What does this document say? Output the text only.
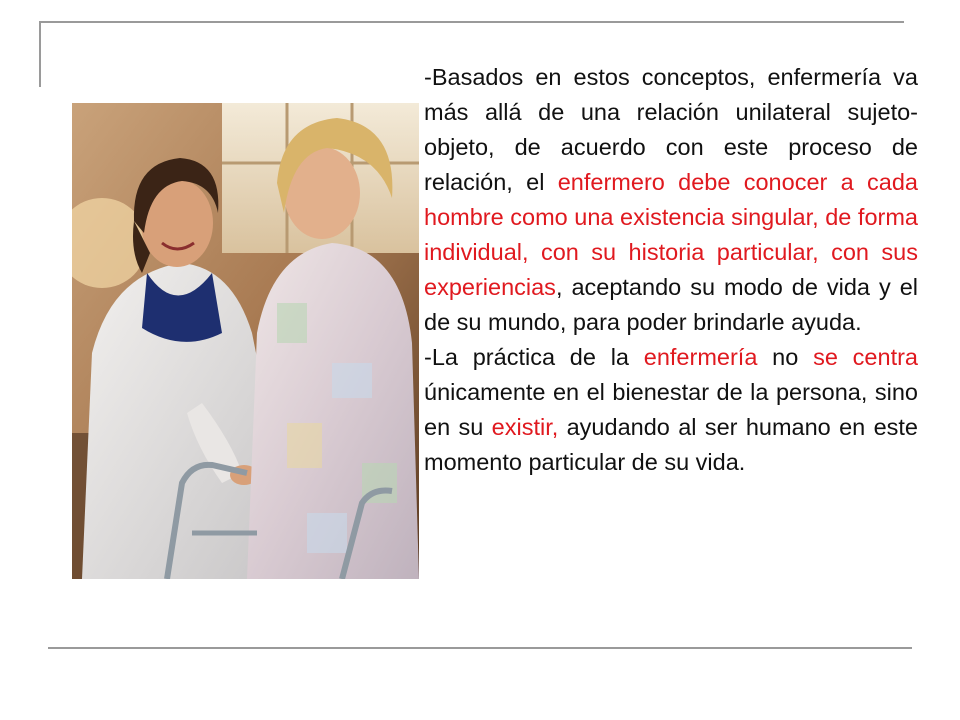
-Basados en estos conceptos, enfermería va más allá de una relación unilateral sujeto-objeto, de acuerdo con este proceso de relación, el enfermero debe conocer a cada hombre como una existencia singular, de forma individual, con su historia particular, con sus experiencias, aceptando su modo de vida y el de su mundo, para poder brindarle ayuda.

-La práctica de la enfermería no se centra únicamente en el bienestar de la persona, sino en su existir, ayudando al ser humano en este momento particular de su vida.
